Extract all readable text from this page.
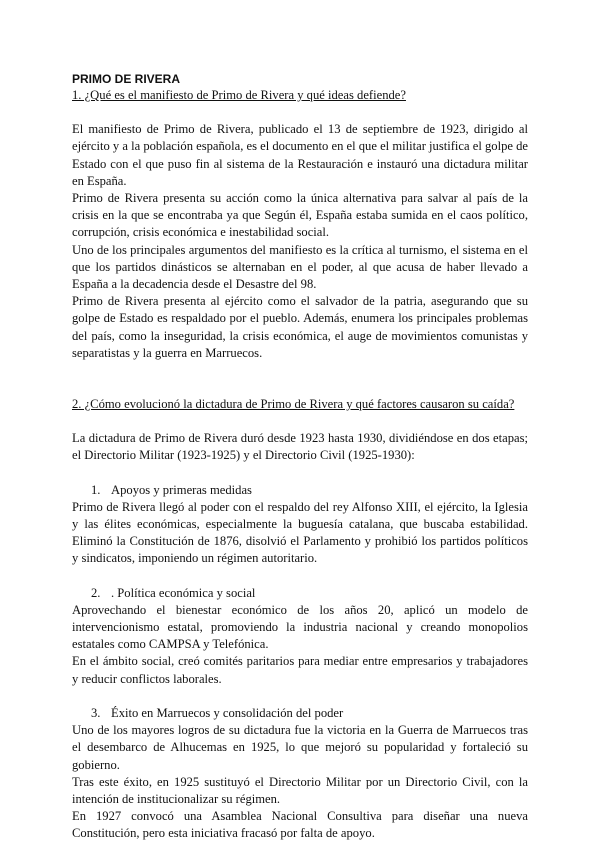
PRIMO DE RIVERA

1. ¿Qué es el manifiesto de Primo de Rivera y qué ideas defiende?

El manifiesto de Primo de Rivera, publicado el 13 de septiembre de 1923, dirigido al ejército y a la población española, es el documento en el que el militar justifica el golpe de Estado con el que puso fin al sistema de la Restauración e instauró una dictadura militar en España.

Primo de Rivera presenta su acción como la única alternativa para salvar al país de la crisis en la que se encontraba ya que Según él, España estaba sumida en el caos político, corrupción, crisis económica e inestabilidad social.

Uno de los principales argumentos del manifiesto es la crítica al turnismo, el sistema en el que los partidos dinásticos se alternaban en el poder, al que acusa de haber llevado a España a la decadencia desde el Desastre del 98.

Primo de Rivera presenta al ejército como el salvador de la patria, asegurando que su golpe de Estado es respaldado por el pueblo. Además, enumera los principales problemas del país, como la inseguridad, la crisis económica, el auge de movimientos comunistas y separatistas y la guerra en Marruecos.

2. ¿Cómo evolucionó la dictadura de Primo de Rivera y qué factores causaron su caída?

La dictadura de Primo de Rivera duró desde 1923 hasta 1930, dividiéndose en dos etapas; el Directorio Militar (1923-1925) y el Directorio Civil (1925-1930):

1. Apoyos y primeras medidas

Primo de Rivera llegó al poder con el respaldo del rey Alfonso XIII, el ejército, la Iglesia y las élites económicas, especialmente la buguesía catalana, que buscaba estabilidad. Eliminó la Constitución de 1876, disolvió el Parlamento y prohibió los partidos políticos y sindicatos, imponiendo un régimen autoritario.

2. . Política económica y social

Aprovechando el bienestar económico de los años 20, aplicó un modelo de intervencionismo estatal, promoviendo la industria nacional y creando monopolios estatales como CAMPSA y Telefónica.

En el ámbito social, creó comités paritarios para mediar entre empresarios y trabajadores y reducir conflictos laborales.

3. Éxito en Marruecos y consolidación del poder

Uno de los mayores logros de su dictadura fue la victoria en la Guerra de Marruecos tras el desembarco de Alhucemas en 1925, lo que mejoró su popularidad y fortaleció su gobierno.

Tras este éxito, en 1925 sustituyó el Directorio Militar por un Directorio Civil, con la intención de institucionalizar su régimen.

En 1927 convocó una Asamblea Nacional Consultiva para diseñar una nueva Constitución, pero esta iniciativa fracasó por falta de apoyo.
